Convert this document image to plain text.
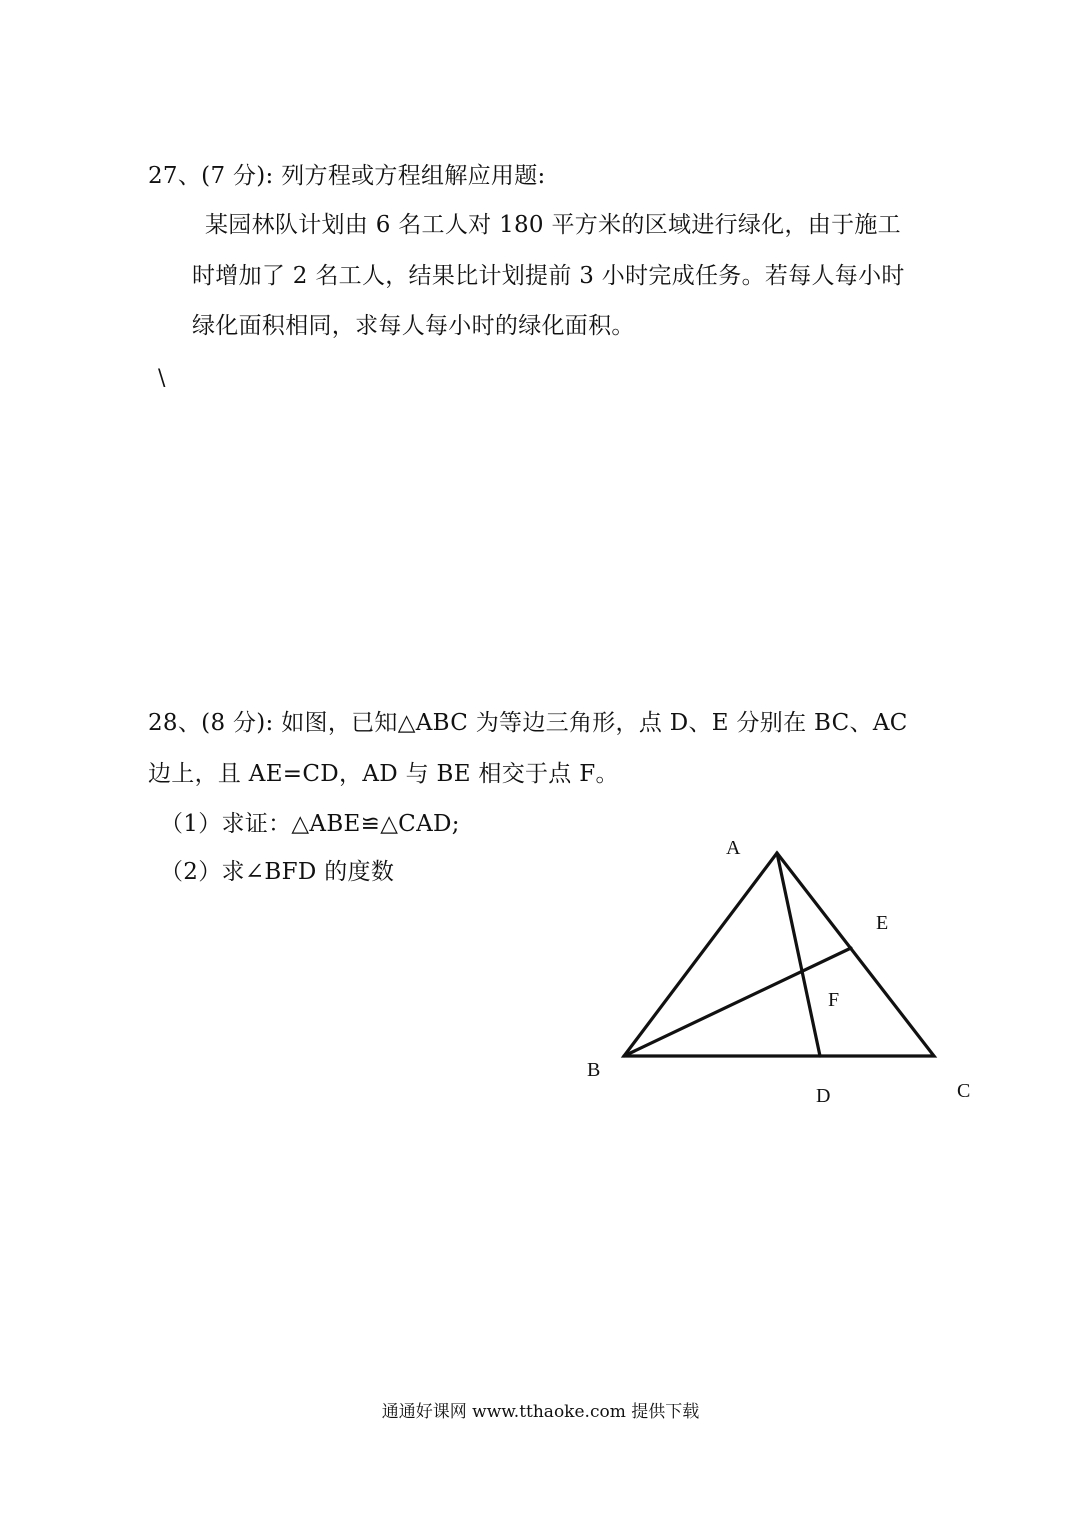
27、(7 分): 列方程或方程组解应用题:
某园林队计划由 6 名工人对 180 平方米的区域进行绿化，由于施工
时增加了 2 名工人，结果比计划提前 3 小时完成任务。若每人每小时
绿化面积相同，求每人每小时的绿化面积。
\
28、(8 分): 如图，已知△ABC 为等边三角形，点 D、E 分别在 BC、AC
边上，且 AE=CD，AD 与 BE 相交于点 F。
（1）求证：△ABE≌△CAD;
（2）求∠BFD 的度数
A
B
C
D
E
F
通通好课网 www.tthaoke.com 提供下载
